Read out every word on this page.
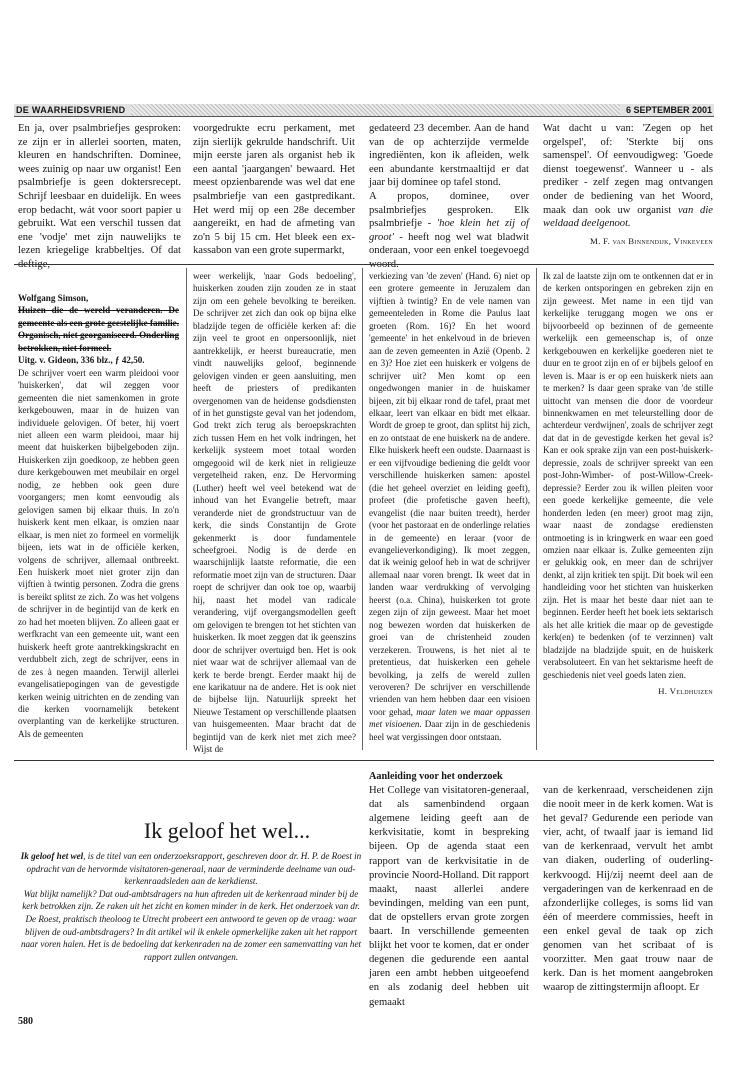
DE WAARHEIDSVRIEND	6 SEPTEMBER 2001

En ja, over psalmbriefjes gesproken: ze zijn er in allerlei soorten, maten, kleuren en handschriften. Dominee, wees zuinig op naar uw organist! Een psalmbriefje is geen doktersrecept. Schrijf leesbaar en duidelijk. En wees erop bedacht, wát voor soort papier u gebruikt. Wat een verschil tussen dat ene 'vodje' met zijn nauwelijks te lezen kriegelige krabbeltjes. Of dat

voorgedrukte ecru perkament, met zijn sierlijk gekrulde handschrift. Uit mijn eerste jaren als organist heb ik een aantal 'jaargangen' bewaard. Het meest opzienbarende was wel dat ene psalmbriefje van een gastpredikant. Het werd mij op een 28e december aangereikt, en had de afmeting van zo'n 5 bij 15 cm. Het bleek een ex-kassabon van een grote supermarkt,

gedateerd 23 december. Aan de hand van de op achterzijde vermelde ingrediënten, kon ik afleiden, welk een abundante kerstmaaltijd er dat jaar bij dominee op tafel stond.

A propos, dominee, over psalmbriefjes gesproken. Elk psalmbriefje - 'hoe klein het zij of groot' - heeft nog wel wat bladwit onderaan, voor een enkel toegevoegd

Wat dacht u van: 'Zegen op het orgelspel', of: 'Sterkte bij ons samenspel'. Of eenvoudigweg: 'Goede dienst toegewenst'. Wanneer u - als prediker - zelf zegen mag ontvangen onder de bediening van het Woord, maak dan ook uw organist van die weldaad deelgenoot.

M. F. van Binnendijk, Vinkeveen

Wolfgang Simson,

Huizen die de wereld veranderen. De gemeente als een grote geestelijke familie. Organisch, niet georganiseerd. Onderling betrokken, niet formeel.

Uitg. v. Gideon, 336 blz., ƒ 42,50.

De schrijver voert een warm pleidooi voor 'huiskerken', dat wil zeggen voor gemeenten die niet samenkomen in grote kerkgebouwen, maar in de huizen van individuele gelovigen. Of beter, hij voert niet alleen een warm pleidooi, maar hij meent dat huiskerken bijbelgeboden zijn. Huiskerken zijn goedkoop, ze hebben geen dure kerkgebouwen met meubilair en orgel nodig, ze hebben ook geen dure voorgangers; men komt eenvoudig als gelovigen samen bij elkaar thuis. In zo'n huiskerk kent men elkaar, is omzien naar elkaar, is men niet zo formeel en vormelijk bijeen, iets wat in de officiële kerken, volgens de schrijver, allemaal ontbreekt. Een huiskerk moet niet groter zijn dan vijftien à twintig personen. Zodra die grens is bereikt splitst ze zich. Zo was het volgens de schrijver in de begintijd van de kerk en zo had het moeten blijven. Zo alleen gaat er werfkracht van een gemeente uit, want een huiskerk heeft grote aantrekkingskracht en verdubbelt zich, zegt de schrijver, eens in de zes à negen maanden. Terwijl allerlei evangelisatiepogingen van de gevestigde kerken weinig uitrichten en de zending van die kerken voornamelijk betekent overplanting van de kerkelijke structuren. Als de gemeenten

weer werkelijk, 'naar Gods bedoeling', huiskerken zouden zijn zouden ze in staat zijn om een gehele bevolking te bereiken. De schrijver zet zich dan ook op bijna elke bladzijde tegen de officiële kerken af: die zijn veel te groot en onpersoonlijk, niet aantrekkelijk, er heerst bureaucratie, men vindt nauwelijks geloof, beginnende gelovigen vinden er geen aansluiting, men heeft de priesters of predikanten overgenomen van de heidense godsdiensten of in het gunstigste geval van het jodendom, God trekt zich terug als beroepskrachten zich tussen Hem en het volk indringen, het kerkelijk systeem moet totaal worden omgegooid wil de kerk niet in religieuze vergetelheid raken, enz. De Hervorming (Luther) heeft wel veel betekend wat de inhoud van het Evangelie betreft, maar veranderde niet de grondstructuur van de kerk, die sinds Constantijn de Grote gekenmerkt is door fundamentele scheefgroei. Nodig is de derde en waarschijnlijk laatste reformatie, die een reformatie moet zijn van de structuren. Daar roept de schrijver dan ook toe op, waarbij hij, naast het model van radicale verandering, vijf overgangsmodellen geeft om gelovigen te brengen tot het stichten van huiskerken. Ik moet zeggen dat ik geenszins door de schrijver overtuigd ben. Het is ook niet waar wat de schrijver allemaal van de kerk te berde brengt. Eerder maakt hij de ene karikatuur na de andere. Het is ook niet de bijbelse lijn. Natuurlijk spreekt het Nieuwe Testament op verschillende plaatsen van huisgemeenten. Maar bracht dat de begintijd van de kerk niet met zich mee? Wijst de

verkiezing van 'de zeven' (Hand. 6) niet op een grotere gemeente in Jeruzalem dan vijftien à twintig? En de vele namen van gemeenteleden in Rome die Paulus laat groeten (Rom. 16)? En het woord 'gemeente' in het enkelvoud in de brieven aan de zeven gemeenten in Azië (Openb. 2 en 3)? Hoe ziet een huiskerk er volgens de schrijver uit? Men komt op een ongedwongen manier in de huiskamer bijeen, zit bij elkaar rond de tafel, praat met elkaar, leert van elkaar en bidt met elkaar. Wordt de groep te groot, dan splitst hij zich, en zo ontstaat de ene huiskerk na de andere. Elke huiskerk heeft een oudste. Daarnaast is er een vijfvoudige bediening die geldt voor verschillende huiskerken samen: apostel (die het geheel overziet en leiding geeft), profeet (die profetische gaven heeft), evangelist (die naar buiten treedt), herder (voor het pastoraat en de onderlinge relaties in de gemeente) en leraar (voor de evangelieverkondiging). Ik moet zeggen, dat ik weinig geloof heb in wat de schrijver allemaal naar voren brengt. Ik weet dat in landen waar verdrukking of vervolging heerst (o.a. China), huiskerken tot grote zegen zijn of zijn geweest. Maar het moet nog bewezen worden dat huiskerken de groei van de christenheid zouden verzekeren. Trouwens, is het niet al te pretentieus, dat huiskerken een gehele bevolking, ja zelfs de wereld zullen veroveren? De schrijver en verschillende vrienden van hem hebben daar een visioen voor gehad, maar laten we maar oppassen met visioenen. Daar zijn in de geschiedenis heel wat vergissingen door ontstaan.

Ik zal de laatste zijn om te ontkennen dat er in de kerken ontsporingen en gebreken zijn en zijn geweest. Met name in een tijd van kerkelijke teruggang mogen we ons er bijvoorbeeld op bezinnen of de gemeente werkelijk een gemeenschap is, of onze kerkgebouwen en kerkelijke goederen niet te duur en te groot zijn en of er bijbels geloof en leven is. Maar is er op een huiskerk niets aan te merken? Is daar geen sprake van 'de stille uittocht van mensen die door de voordeur binnenkwamen en met teleurstelling door de achterdeur verdwijnen', zoals de schrijver zegt dat dat in de gevestigde kerken het geval is? Kan er ook sprake zijn van een post-huiskerk-depressie, zoals de schrijver spreekt van een post-John-Wimber- of post-Willow-Creek-depressie? Eerder zou ik willen pleiten voor een goede kerkelijke gemeente, die vele honderden leden (en meer) groot mag zijn, waar naast de zondagse erediensten ontmoeting is in kringwerk en waar een goed omzien naar elkaar is. Zulke gemeenten zijn er gelukkig ook, en meer dan de schrijver denkt, al zijn kritiek ten spijt. Dit boek wil een handleiding voor het stichten van huiskerken zijn. Het is maar het beste daar niet aan te beginnen. Eerder heeft het boek iets sektarisch als het alle kritiek die maar op de gevestigde kerk(en) te bedenken (of te verzinnen) valt bladzijde na bladzijde spuit, en de huiskerk verabsoluteert. En van het sektarisme heeft de geschiedenis niet veel goeds laten zien.

H. Veldhuizen

Ik geloof het wel...

Ik geloof het wel, is de titel van een onderzoeksrapport, geschreven door dr. H. P. de Roest in opdracht van de hervormde visitatoren-generaal, naar de verminderde deelname van oud-kerkenraadsleden aan de kerkdienst.

Wat blijkt namelijk? Dat oud-ambtsdragers na hun aftreden uit de kerkenraad minder bij de kerk betrokken zijn. Ze raken uit het zicht en komen minder in de kerk. Het onderzoek van dr. De Roest, praktisch theoloog te Utrecht probeert een antwoord te geven op de vraag: waar blijven de oud-ambtsdragers? In dit artikel wil ik enkele opmerkelijke zaken uit het rapport naar voren halen. Het is de bedoeling dat kerkenraden na de zomer een samenvatting van het rapport zullen ontvangen.

Aanleiding voor het onderzoek

Het College van visitatoren-generaal, dat als samenbindend orgaan algemene leiding geeft aan de kerkvisitatie, komt in bespreking bijeen. Op de agenda staat een rapport van de kerkvisitatie in de provincie Noord-Holland. Dit rapport maakt, naast allerlei andere bevindingen, melding van een punt, dat de opstellers ervan grote zorgen baart. In verschillende gemeenten blijkt het voor te komen, dat er onder degenen die gedurende een aantal jaren een ambt hebben uitgeoefend en als zodanig deel hebben uit gemaakt

van de kerkenraad, verscheidenen zijn die nooit meer in de kerk komen. Wat is het geval? Gedurende een periode van vier, acht, of twaalf jaar is iemand lid van de kerkenraad, vervult het ambt van diaken, ouderling of ouderling-kerkvoogd. Hij/zij neemt deel aan de vergaderingen van de kerkenraad en de afzonderlijke colleges, is soms lid van één of meerdere commissies, heeft in een enkel geval de taak op zich genomen van het scribaat of is voorzitter. Men gaat trouw naar de kerk. Dan is het moment aangebroken waarop de zittingstermijn afloopt. Er

580
